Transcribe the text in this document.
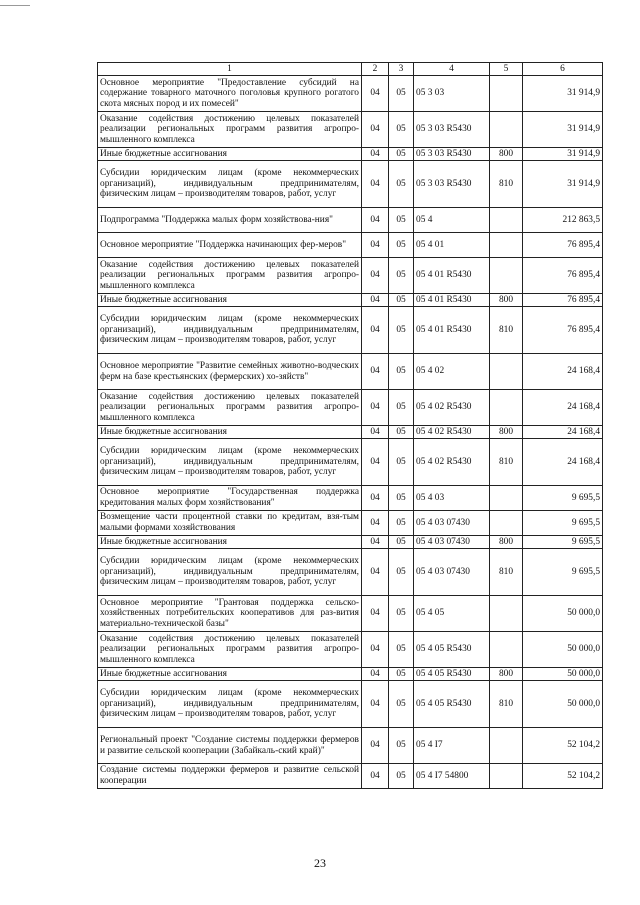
1	2	3	4	5	6
Основное мероприятие "Предоставление субсидий на содержание товарного маточного поголовья крупного рогатого скота мясных пород и их помесей"	04	05	05 3 03		31 914,9
Оказание содействия достижению целевых показателей реализации региональных программ развития агропро-мышленного комплекса	04	05	05 3 03 R5430		31 914,9
Иные бюджетные ассигнования	04	05	05 3 03 R5430	800	31 914,9
Субсидии юридическим лицам (кроме некоммерческих организаций), индивидуальным предпринимателям, физическим лицам – производителям товаров, работ, услуг	04	05	05 3 03 R5430	810	31 914,9
Подпрограмма "Поддержка малых форм хозяйствова-ния"	04	05	05 4		212 863,5
Основное мероприятие "Поддержка начинающих фер-меров"	04	05	05 4 01		76 895,4
Оказание содействия достижению целевых показателей реализации региональных программ развития агропро-мышленного комплекса	04	05	05 4 01 R5430		76 895,4
Иные бюджетные ассигнования	04	05	05 4 01 R5430	800	76 895,4
Субсидии юридическим лицам (кроме некоммерческих организаций), индивидуальным предпринимателям, физическим лицам – производителям товаров, работ, услуг	04	05	05 4 01 R5430	810	76 895,4
Основное мероприятие "Развитие семейных животно-водческих ферм на базе крестьянских (фермерских) хо-зяйств"	04	05	05 4 02		24 168,4
Оказание содействия достижению целевых показателей реализации региональных программ развития агропро-мышленного комплекса	04	05	05 4 02 R5430		24 168,4
Иные бюджетные ассигнования	04	05	05 4 02 R5430	800	24 168,4
Субсидии юридическим лицам (кроме некоммерческих организаций), индивидуальным предпринимателям, физическим лицам – производителям товаров, работ, услуг	04	05	05 4 02 R5430	810	24 168,4
Основное мероприятие "Государственная поддержка кредитования малых форм хозяйствования"	04	05	05 4 03		9 695,5
Возмещение части процентной ставки по кредитам, взя-тым малыми формами хозяйствования	04	05	05 4 03 07430		9 695,5
Иные бюджетные ассигнования	04	05	05 4 03 07430	800	9 695,5
Субсидии юридическим лицам (кроме некоммерческих организаций), индивидуальным предпринимателям, физическим лицам – производителям товаров, работ, услуг	04	05	05 4 03 07430	810	9 695,5
Основное мероприятие "Грантовая поддержка сельско-хозяйственных потребительских кооперативов для раз-вития материально-технической базы"	04	05	05 4 05		50 000,0
Оказание содействия достижению целевых показателей реализации региональных программ развития агропро-мышленного комплекса	04	05	05 4 05 R5430		50 000,0
Иные бюджетные ассигнования	04	05	05 4 05 R5430	800	50 000,0
Субсидии юридическим лицам (кроме некоммерческих организаций), индивидуальным предпринимателям, физическим лицам – производителям товаров, работ, услуг	04	05	05 4 05 R5430	810	50 000,0
Региональный проект "Создание системы поддержки фермеров и развитие сельской кооперации (Забайкаль-ский край)"	04	05	05 4 I7		52 104,2
Создание системы поддержки фермеров и развитие сельской кооперации	04	05	05 4 I7 54800		52 104,2
23
